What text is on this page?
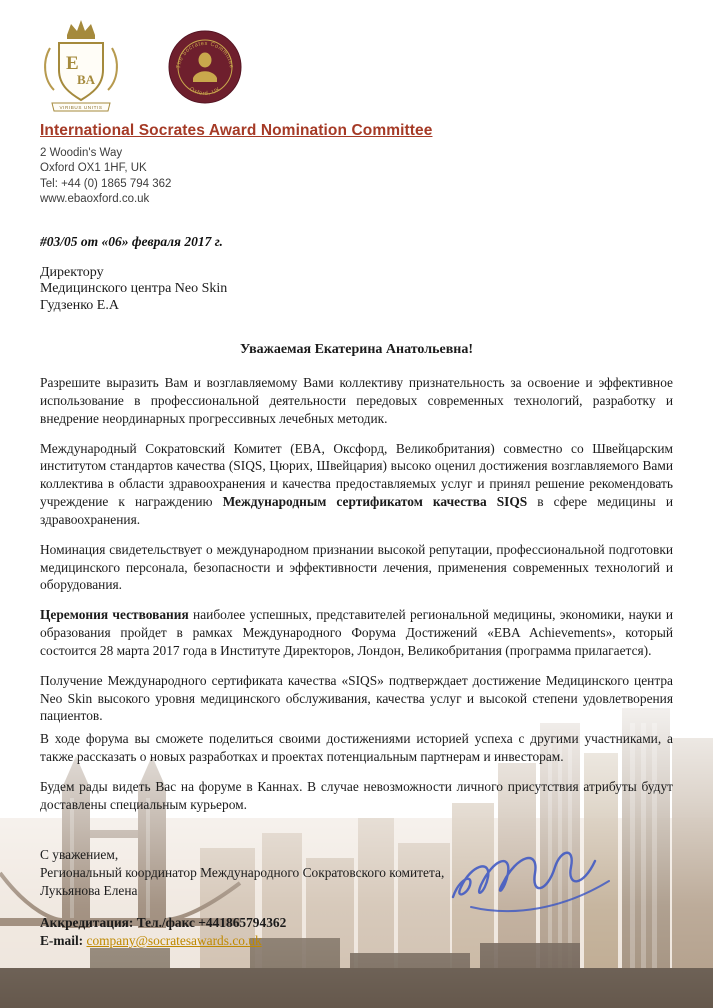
E
BA
VIRIBUS UNITIS
The Socrates Committee
Oxford, UK
International Socrates Award Nomination Committee
2 Woodin's Way
Oxford OX1 1HF, UK
Tel: +44 (0) 1865 794 362
www.ebaoxford.co.uk
#03/05 от «06» февраля 2017 г.
Директору
Медицинского центра Neo Skin
Гудзенко Е.А
Уважаемая Екатерина Анатольевна!

Разрешите выразить Вам и возглавляемому Вами коллективу признательность за освоение и эффективное использование в профессиональной деятельности передовых современных технологий, разработку и внедрение неординарных прогрессивных лечебных методик.

Международный Сократовский Комитет (EBA, Оксфорд, Великобритания) совместно со Швейцарским институтом стандартов качества (SIQS, Цюрих, Швейцария) высоко оценил достижения возглавляемого Вами коллектива в области здравоохранения и качества предоставляемых услуг и принял решение рекомендовать учреждение к награждению Международным сертификатом качества SIQS в сфере медицины и здравоохранения.

Номинация свидетельствует о международном признании высокой репутации, профессиональной подготовки медицинского персонала, безопасности и эффективности лечения, применения современных технологий и оборудования.

Церемония чествования наиболее успешных, представителей региональной медицины, экономики, науки и образования пройдет в рамках Международного Форума Достижений «EBA Achievements», который состоится 28 марта 2017 года в Институте Директоров, Лондон, Великобритания (программа прилагается).

Получение Международного сертификата качества «SIQS» подтверждает достижение Медицинского центра Neo Skin высокого уровня медицинского обслуживания, качества услуг и высокой степени удовлетворения пациентов.

В ходе форума вы сможете поделиться своими достижениями историей успеха с другими участниками, а также рассказать о новых разработках и проектах потенциальным партнерам и инвесторам.

Будем рады видеть Вас на форуме в Каннах. В случае невозможности личного присутствия атрибуты будут доставлены специальным курьером.

С уважением,
Региональный координатор Международного Сократовского комитета,
Лукьянова Елена
Аккредитация: Тел./факс +441865794362
E-mail: company@socratesawards.co.uk
